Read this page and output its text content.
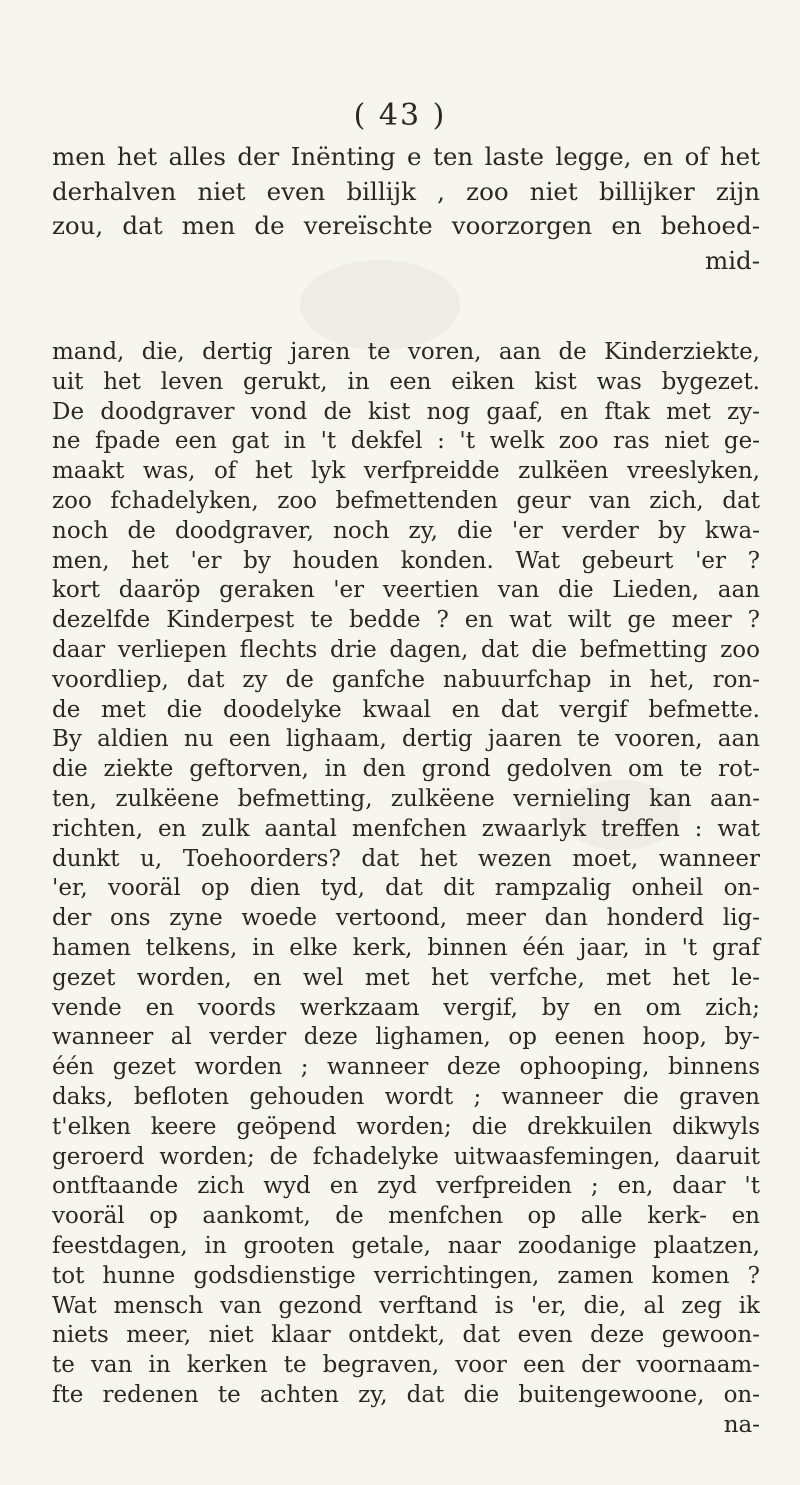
( 43 )
men het alles der Inënting e ten laste legge, en of het
derhalven niet even billijk , zoo niet billijker zijn
zou, dat men de vereïschte voorzorgen en behoed-
mid-
mand, die, dertig jaren te voren, aan de Kinderziekte,
uit het leven gerukt, in een eiken kist was bygezet.
De doodgraver vond de kist nog gaaf, en ftak met zy-
ne fpade een gat in 't dekfel : 't welk zoo ras niet ge-
maakt was, of het lyk verfpreidde zulkëen vreeslyken,
zoo fchadelyken, zoo befmettenden geur van zich, dat
noch de doodgraver, noch zy, die 'er verder by kwa-
men, het 'er by houden konden. Wat gebeurt 'er ?
kort daaröp geraken 'er veertien van die Lieden, aan
dezelfde Kinderpest te bedde ? en wat wilt ge meer ?
daar verliepen flechts drie dagen, dat die befmetting zoo
voordliep, dat zy de ganfche nabuurfchap in het, ron-
de met die doodelyke kwaal en dat vergif befmette.
By aldien nu een lighaam, dertig jaaren te vooren, aan
die ziekte geftorven, in den grond gedolven om te rot-
ten, zulkëene befmetting, zulkëene vernieling kan aan-
richten, en zulk aantal menfchen zwaarlyk treffen : wat
dunkt u, Toehoorders? dat het wezen moet, wanneer
'er, vooräl op dien tyd, dat dit rampzalig onheil on-
der ons zyne woede vertoond, meer dan honderd lig-
hamen telkens, in elke kerk, binnen één jaar, in 't graf
gezet worden, en wel met het verfche, met het le-
vende en voords werkzaam vergif, by en om zich;
wanneer al verder deze lighamen, op eenen hoop, by-
één gezet worden ; wanneer deze ophooping, binnens
daks, befloten gehouden wordt ; wanneer die graven
t'elken keere geöpend worden; die drekkuilen dikwyls
geroerd worden; de fchadelyke uitwaasfemingen, daaruit
ontftaande zich wyd en zyd verfpreiden ; en, daar 't
vooräl op aankomt, de menfchen op alle kerk- en
feestdagen, in grooten getale, naar zoodanige plaatzen,
tot hunne godsdienstige verrichtingen, zamen komen ?
Wat mensch van gezond verftand is 'er, die, al zeg ik
niets meer, niet klaar ontdekt, dat even deze gewoon-
te van in kerken te begraven, voor een der voornaam-
fte redenen te achten zy, dat die buitengewoone, on-
na-
